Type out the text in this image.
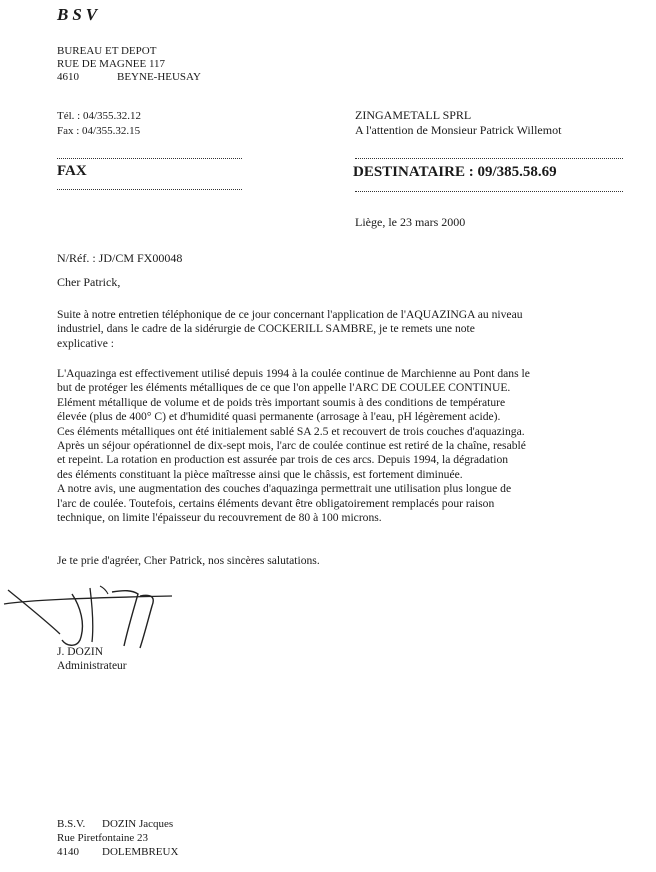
BSV
BUREAU ET DEPOT
RUE DE MAGNEE 117
4610	BEYNE-HEUSAY
Tél. : 04/355.32.12
Fax : 04/355.32.15
ZINGAMETALL SPRL
A l'attention de Monsieur Patrick Willemot
FAX	DESTINATAIRE : 09/385.58.69
Liège, le 23 mars 2000
N/Réf. : JD/CM FX00048
Cher Patrick,
Suite à notre entretien téléphonique de ce jour concernant l'application de l'AQUAZINGA au niveau
industriel, dans le cadre de la sidérurgie de COCKERILL SAMBRE, je te remets une note
explicative :
L'Aquazinga est effectivement utilisé depuis 1994 à la coulée continue de Marchienne au Pont dans le
but de protéger les éléments métalliques de ce que l'on appelle l'ARC DE COULEE CONTINUE.
Elément métallique de volume et de poids très important soumis à des conditions de température
élevée (plus de 400° C) et d'humidité quasi permanente (arrosage à l'eau, pH légèrement acide).
Ces éléments métalliques ont été initialement sablé SA 2.5 et recouvert de trois couches d'aquazinga.
Après un séjour opérationnel de dix-sept mois, l'arc de coulée continue est retiré de la chaîne, resablé
et repeint. La rotation en production est assurée par trois de ces arcs. Depuis 1994, la dégradation
des éléments constituant la pièce maîtresse ainsi que le châssis, est fortement diminuée.
A notre avis, une augmentation des couches d'aquazinga permettrait une utilisation plus longue de
l'arc de coulée. Toutefois, certains éléments devant être obligatoirement remplacés pour raison
technique, on limite l'épaisseur du recouvrement de 80 à 100 microns.
Je te prie d'agréer, Cher Patrick, nos sincères salutations.
J. DOZIN
Administrateur
B.S.V. DOZIN Jacques
Rue Piretfontaine 23
4140 DOLEMBREUX
